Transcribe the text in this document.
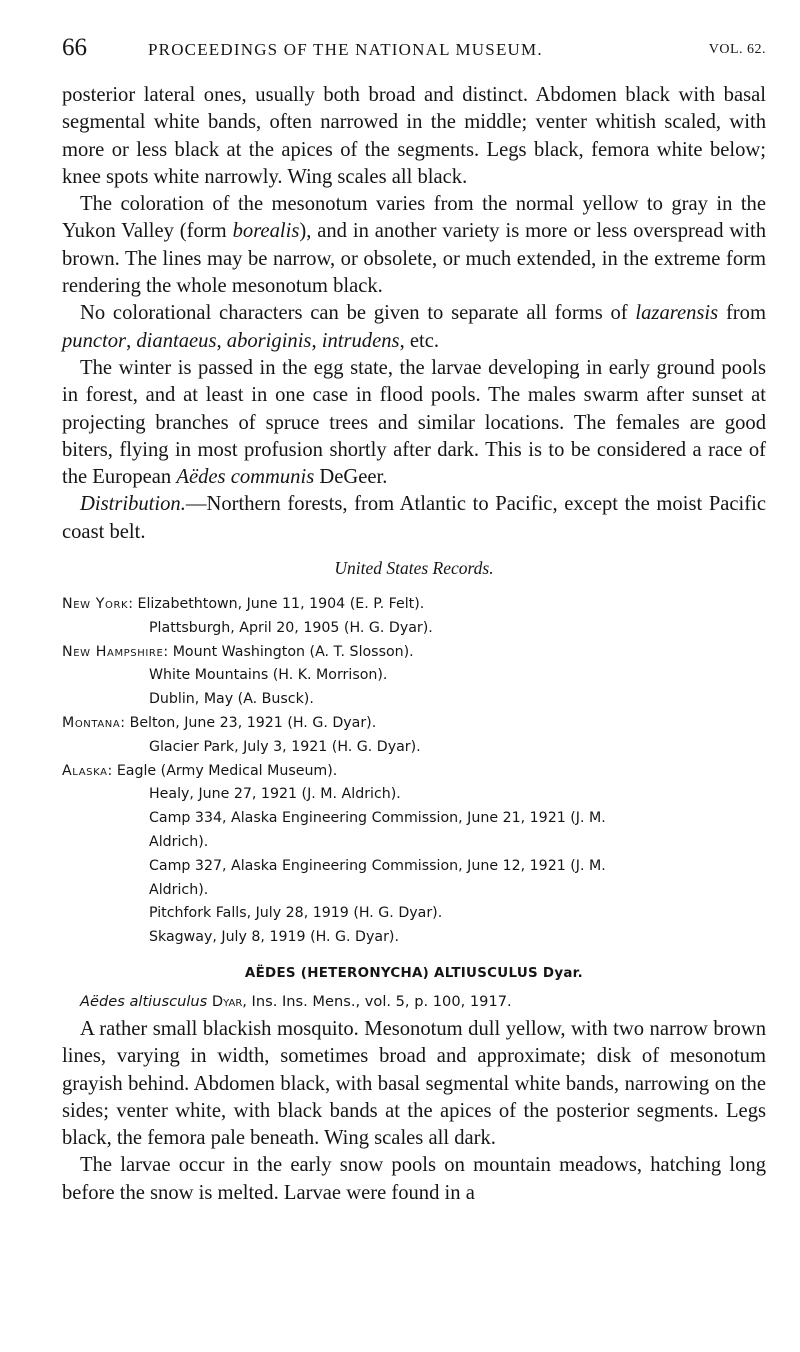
66	PROCEEDINGS OF THE NATIONAL MUSEUM.	VOL. 62.

posterior lateral ones, usually both broad and distinct. Abdomen black with basal segmental white bands, often narrowed in the middle; venter whitish scaled, with more or less black at the apices of the segments. Legs black, femora white below; knee spots white narrowly. Wing scales all black.

The coloration of the mesonotum varies from the normal yellow to gray in the Yukon Valley (form borealis), and in another variety is more or less overspread with brown. The lines may be narrow, or obsolete, or much extended, in the extreme form rendering the whole mesonotum black.

No colorational characters can be given to separate all forms of lazarensis from punctor, diantaeus, aboriginis, intrudens, etc.

The winter is passed in the egg state, the larvae developing in early ground pools in forest, and at least in one case in flood pools. The males swarm after sunset at projecting branches of spruce trees and similar locations. The females are good biters, flying in most profusion shortly after dark. This is to be considered a race of the European Aëdes communis DeGeer.

Distribution.—Northern forests, from Atlantic to Pacific, except the moist Pacific coast belt.

United States Records.

New York: Elizabethtown, June 11, 1904 (E. P. Felt).
Plattsburgh, April 20, 1905 (H. G. Dyar).
New Hampshire: Mount Washington (A. T. Slosson).
White Mountains (H. K. Morrison).
Dublin, May (A. Busck).
Montana: Belton, June 23, 1921 (H. G. Dyar).
Glacier Park, July 3, 1921 (H. G. Dyar).
Alaska: Eagle (Army Medical Museum).
Healy, June 27, 1921 (J. M. Aldrich).
Camp 334, Alaska Engineering Commission, June 21, 1921 (J. M.
Aldrich).
Camp 327, Alaska Engineering Commission, June 12, 1921 (J. M.
Aldrich).
Pitchfork Falls, July 28, 1919 (H. G. Dyar).
Skagway, July 8, 1919 (H. G. Dyar).

AËDES (HETERONYCHA) ALTIUSCULUS Dyar.

Aëdes altiusculus Dyar, Ins. Ins. Mens., vol. 5, p. 100, 1917.

A rather small blackish mosquito. Mesonotum dull yellow, with two narrow brown lines, varying in width, sometimes broad and approximate; disk of mesonotum grayish behind. Abdomen black, with basal segmental white bands, narrowing on the sides; venter white, with black bands at the apices of the posterior segments. Legs black, the femora pale beneath. Wing scales all dark.

The larvae occur in the early snow pools on mountain meadows, hatching long before the snow is melted. Larvae were found in a
